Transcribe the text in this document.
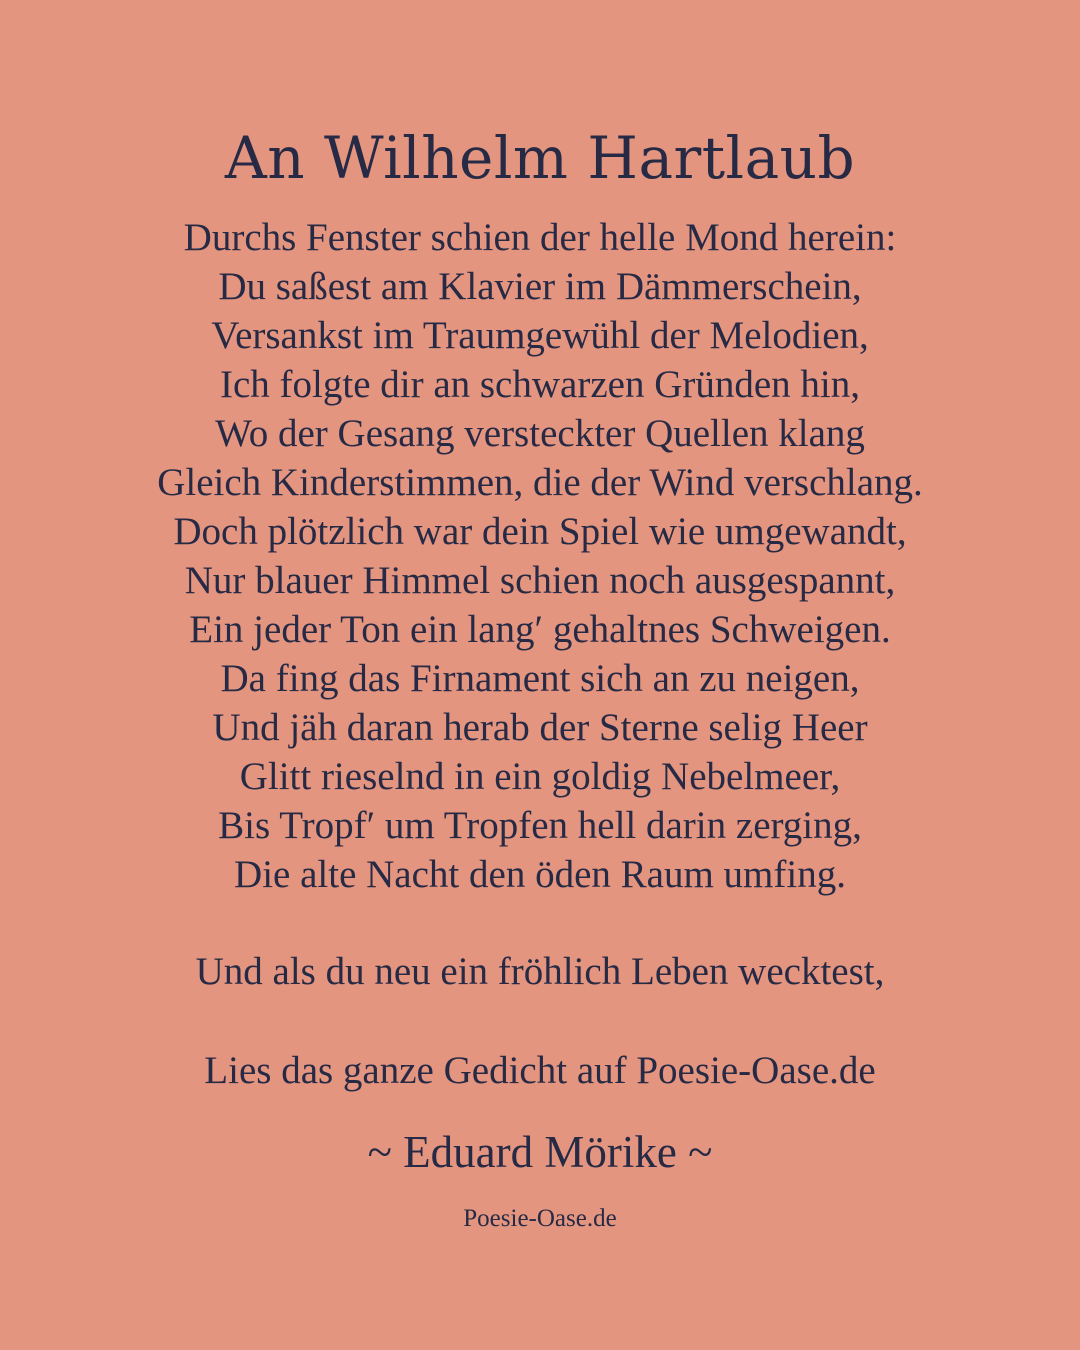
An Wilhelm Hartlaub
Durchs Fenster schien der helle Mond herein:
Du saßest am Klavier im Dämmerschein,
Versankst im Traumgewühl der Melodien,
Ich folgte dir an schwarzen Gründen hin,
Wo der Gesang versteckter Quellen klang
Gleich Kinderstimmen, die der Wind verschlang.
Doch plötzlich war dein Spiel wie umgewandt,
Nur blauer Himmel schien noch ausgespannt,
Ein jeder Ton ein lang′ gehaltnes Schweigen.
Da fing das Firnament sich an zu neigen,
Und jäh daran herab der Sterne selig Heer
Glitt rieselnd in ein goldig Nebelmeer,
Bis Tropf′ um Tropfen hell darin zerging,
Die alte Nacht den öden Raum umfing.
Und als du neu ein fröhlich Leben wecktest,
Lies das ganze Gedicht auf Poesie-Oase.de
~ Eduard Mörike ~
Poesie-Oase.de
